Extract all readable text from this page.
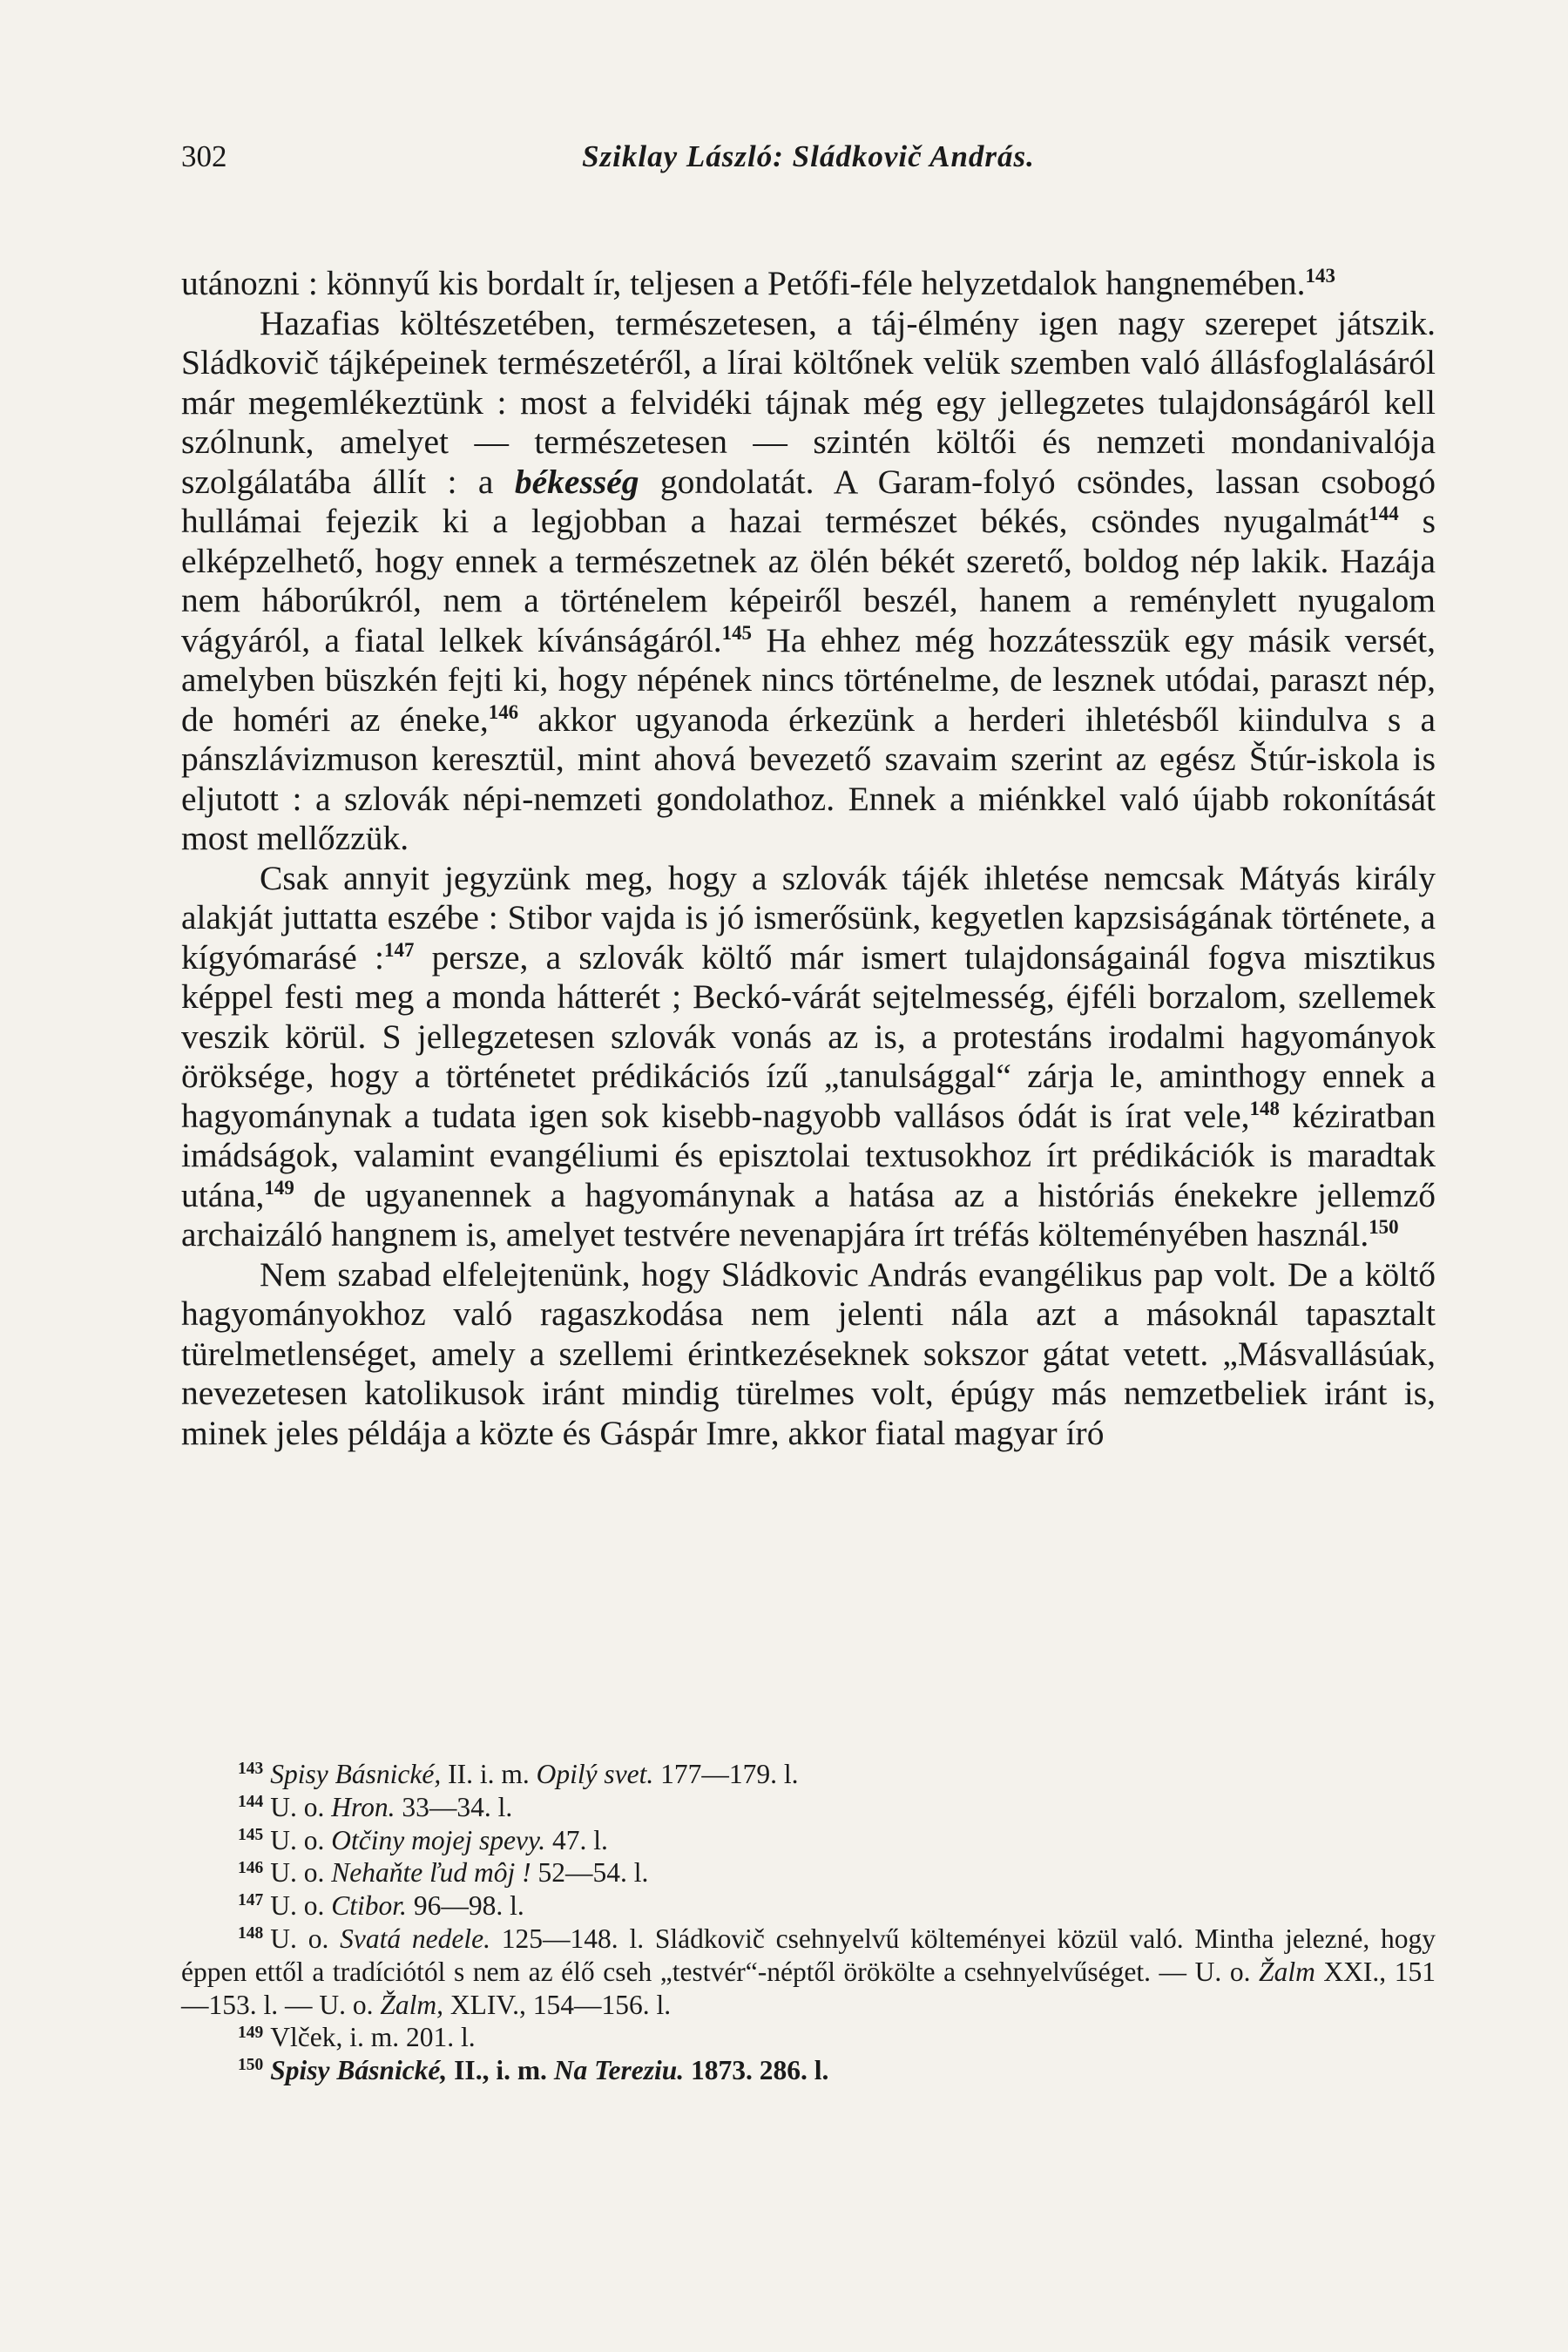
302	Sziklay László: Sládkovič András.

utánozni : könnyű kis bordalt ír, teljesen a Petőfi-féle helyzetdalok hangnemében.$^{143}$

Hazafias költészetében, természetesen, a táj-élmény igen nagy szerepet játszik. Sládkovič tájképeinek természetéről, a lírai költőnek velük szemben való állásfoglalásáról már megemlékeztünk : most a felvidéki tájnak még egy jellegzetes tulajdonságáról kell szólnunk, amelyet — természetesen — szintén költői és nemzeti mondanivalója szolgálatába állít : a békesség gondolatát. A Garam-folyó csöndes, lassan csobogó hullámai fejezik ki a legjobban a hazai természet békés, csöndes nyugalmát$^{144}$ s elképzelhető, hogy ennek a természetnek az ölén békét szerető, boldog nép lakik. Hazája nem háborúkról, nem a történelem képeiről beszél, hanem a reménylett nyugalom vágyáról, a fiatal lelkek kívánságáról.$^{145}$ Ha ehhez még hozzátesszük egy másik versét, amelyben büszkén fejti ki, hogy népének nincs történelme, de lesznek utódai, paraszt nép, de homéri az éneke,$^{146}$ akkor ugyanoda érkezünk a herderi ihletésből kiindulva s a pánszlávizmuson keresztül, mint ahová bevezető szavaim szerint az egész Štúr-iskola is eljutott : a szlovák népi-nemzeti gondolathoz. Ennek a miénkkel való újabb rokonítását most mellőzzük.

Csak annyit jegyzünk meg, hogy a szlovák tájék ihletése nemcsak Mátyás király alakját juttatta eszébe : Stibor vajda is jó ismerősünk, kegyetlen kapzsiságának története, a kígyómarásé :$^{147}$ persze, a szlovák költő már ismert tulajdonságainál fogva misztikus képpel festi meg a monda hátterét ; Beckó-várát sejtelmesség, éjféli borzalom, szellemek veszik körül. S jellegzetesen szlovák vonás az is, a protestáns irodalmi hagyományok öröksége, hogy a történetet prédikációs ízű „tanulsággal“ zárja le, aminthogy ennek a hagyománynak a tudata igen sok kisebb-nagyobb vallásos ódát is írat vele,$^{148}$ kéziratban imádságok, valamint evangéliumi és episztolai textusokhoz írt prédikációk is maradtak utána,$^{149}$ de ugyanennek a hagyománynak a hatása az a históriás énekekre jellemző archaizáló hangnem is, amelyet testvére nevenapjára írt tréfás költeményében használ.$^{150}$

Nem szabad elfelejtenünk, hogy Sládkovic András evangélikus pap volt. De a költő hagyományokhoz való ragaszkodása nem jelenti nála azt a másoknál tapasztalt türelmetlenséget, amely a szellemi érintkezéseknek sokszor gátat vetett. „Másvallásúak, nevezetesen katolikusok iránt mindig türelmes volt, épúgy más nemzetbeliek iránt is, minek jeles példája a közte és Gáspár Imre, akkor fiatal magyar író

$^{143}$ Spisy Básnické, II. i. m. Opilý svet. 177—179. l.

$^{144}$ U. o. Hron. 33—34. l.

$^{145}$ U. o. Otčiny mojej spevy. 47. l.

$^{146}$ U. o. Nehaňte ľud môj ! 52—54. l.

$^{147}$ U. o. Ctibor. 96—98. l.

$^{148}$ U. o. Svatá nedele. 125—148. l. Sládkovič csehnyelvű költeményei közül való. Mintha jelezné, hogy éppen ettől a tradíciótól s nem az élő cseh „testvér“-néptől örökölte a csehnyelvűséget. — U. o. Žalm XXI., 151—153. l. — U. o. Žalm, XLIV., 154—156. l.

$^{149}$ Vlček, i. m. 201. l.

$^{150}$ Spisy Básnické, II., i. m. Na Tereziu. 1873. 286. l.
